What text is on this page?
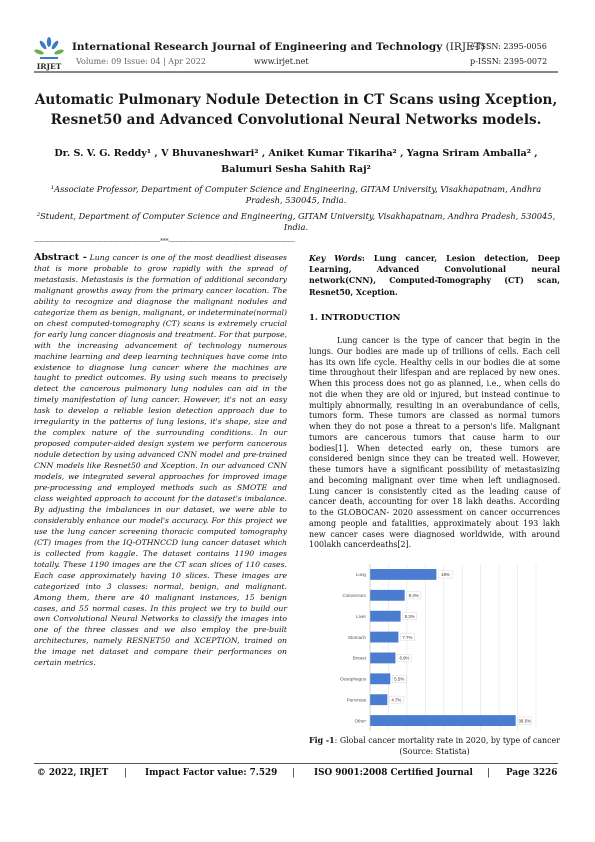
IRJET
International Research Journal of Engineering and Technology (IRJET)
Volume: 09 Issue: 04 | Apr 2022	www.irjet.net
e-ISSN: 2395-0056
p-ISSN: 2395-0072
Automatic Pulmonary Nodule Detection in CT Scans using Xception, Resnet50 and Advanced Convolutional Neural Networks models.
Dr. S. V. G. Reddy¹ , V Bhuvaneshwari² , Aniket Kumar Tikariha² , Yagna Sriram Amballa² , Balumuri Sesha Sahith Raj²
¹Associate Professor, Department of Computer Science and Engineering, GITAM University, Visakhapatnam, Andhra Pradesh, 530045, India.
²Student, Department of Computer Science and Engineering, GITAM University, Visakhapatnam, Andhra Pradesh, 530045, India.
---------------------------------------------------------------------***---------------------------------------------------------------------
Abstract - Lung cancer is one of the most deadliest diseases that is more probable to grow rapidly with the spread of metastasis. Metastasis is the formation of additional secondary malignant growths away from the primary cancer location. The ability to recognize and diagnose the malignant nodules and categorize them as benign, malignant, or indeterminate(normal) on chest computed-tomography (CT) scans is extremely crucial for early lung cancer diagnosis and treatment. For that purpose, with the increasing advancement of technology numerous machine learning and deep learning techniques have come into existence to diagnose lung cancer where the machines are taught to predict outcomes. By using such means to precisely detect the cancerous pulmonary lung nodules can aid in the timely manifestation of lung cancer. However, it's not an easy task to develop a reliable lesion detection approach due to irregularity in the patterns of lung lesions, it's shape, size and the complex nature of the surrounding conditions. In our proposed computer-aided design system we perform cancerous nodule detection by using advanced CNN model and pre-trained CNN models like Resnet50 and Xception. In our advanced CNN models, we integrated several approaches for improved image pre-processing and employed methods such as SMOTE and class weighted approach to account for the dataset's imbalance. By adjusting the imbalances in our dataset, we were able to considerably enhance our model's accuracy. For this project we use the lung cancer screening thoracic computed tomography (CT) images from the IQ-OTHNCCD lung cancer dataset which is collected from kaggle. The dataset contains 1190 images totally. These 1190 images are the CT scan slices of 110 cases. Each case approximately having 10 slices. These images are categorized into 3 classes: normal, benign, and malignant. Among them, there are 40 malignant instances, 15 benign cases, and 55 normal cases. In this project we try to build our own Convolutional Neural Networks to classify the images into one of the three classes and we also employ the pre-built architectures, namely RESNET50 and XCEPTION, trained on the image net dataset and compare their performances on certain metrics.
Key Words: Lung cancer, Lesion detection, Deep Learning, Advanced Convolutional neural network(CNN), Computed-Tomography (CT) scan, Resnet50, Xception.
1. INTRODUCTION
Lung cancer is the type of cancer that begin in the lungs. Our bodies are made up of trillions of cells. Each cell has its own life cycle. Healthy cells in our bodies die at some time throughout their lifespan and are replaced by new ones. When this process does not go as planned, i.e., when cells do not die when they are old or injured, but instead continue to multiply abnormally, resulting in an overabundance of cells, tumors form. These tumors are classed as normal tumors when they do not pose a threat to a person's life. Malignant tumors are cancerous tumors that cause harm to our bodies[1]. When detected early on, these tumors are considered benign since they can be treated well. However, these tumors have a significant possibility of metastasizing and becoming malignant over time when left undiagnosed. Lung cancer is consistently cited as the leading cause of cancer death, accounting for over 18 lakh deaths. According to the GLOBOCAN- 2020 assessment on cancer occurrences among people and fatalities, approximately about 193 lakh new cancer cases were diagnosed worldwide, with around 100lakh cancerdeaths[2].
Lung	18%
Colorectum	9.4%
Liver	8.3%
Stomach	7.7%
Breast	6.9%
Oesophagus	5.5%
Pancreas	4.7%
Other	39.5%
Fig -1: Global cancer mortality rate in 2020, by type of cancer (Source: Statista)
© 2022, IRJET | Impact Factor value: 7.529 | ISO 9001:2008 Certified Journal | Page 3226
